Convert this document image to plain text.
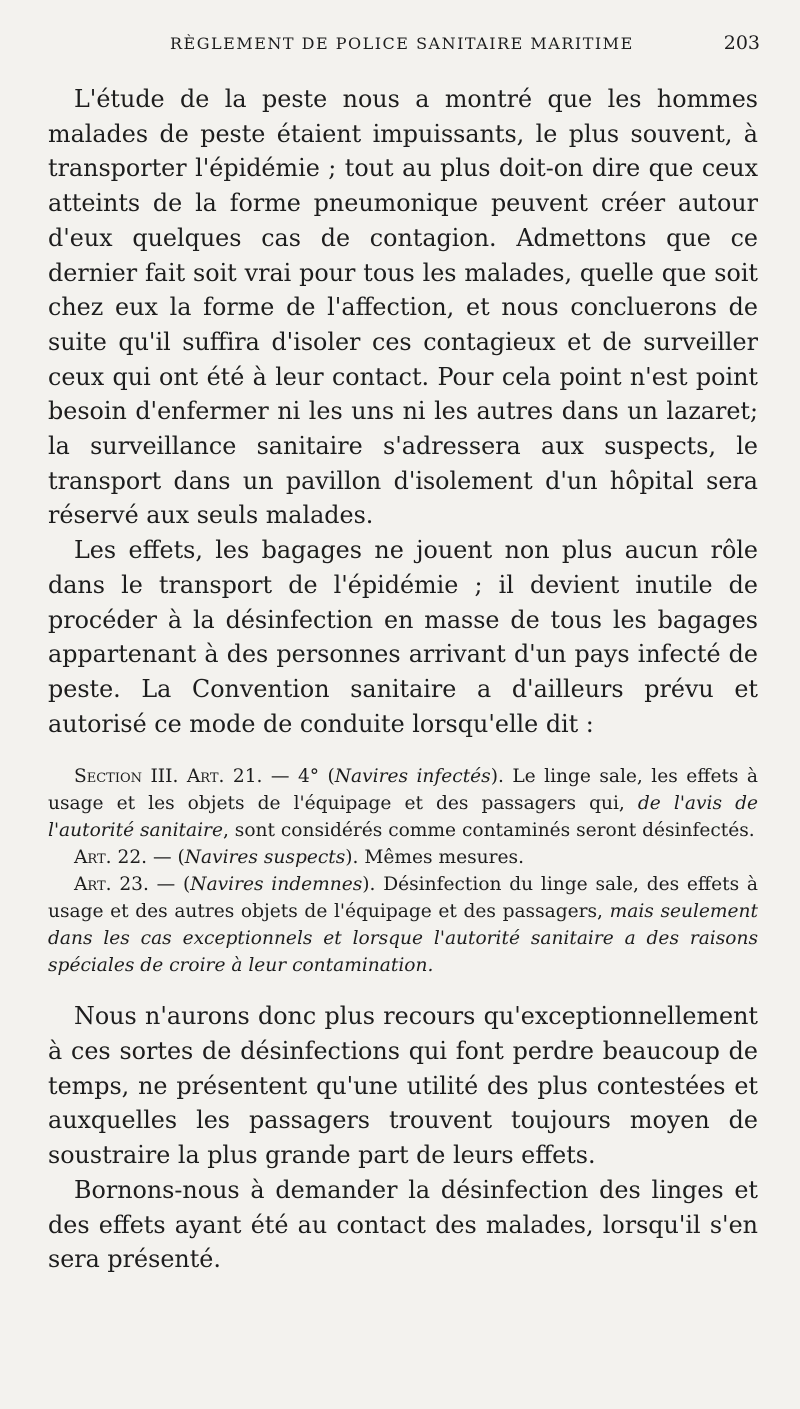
RÈGLEMENT DE POLICE SANITAIRE MARITIME	203

L'étude de la peste nous a montré que les hommes malades de peste étaient impuissants, le plus souvent, à transporter l'épidémie ; tout au plus doit-on dire que ceux atteints de la forme pneumonique peuvent créer autour d'eux quelques cas de contagion. Admettons que ce dernier fait soit vrai pour tous les malades, quelle que soit chez eux la forme de l'affection, et nous concluerons de suite qu'il suffira d'isoler ces contagieux et de surveiller ceux qui ont été à leur contact. Pour cela point n'est point besoin d'enfermer ni les uns ni les autres dans un lazaret; la surveillance sanitaire s'adressera aux suspects, le transport dans un pavillon d'isolement d'un hôpital sera réservé aux seuls malades.

Les effets, les bagages ne jouent non plus aucun rôle dans le transport de l'épidémie ; il devient inutile de procéder à la désinfection en masse de tous les bagages appartenant à des personnes arrivant d'un pays infecté de peste. La Convention sanitaire a d'ailleurs prévu et autorisé ce mode de conduite lorsqu'elle dit :

Section III. Art. 21. — 4° (Navires infectés). Le linge sale, les effets à usage et les objets de l'équipage et des passagers qui, de l'avis de l'autorité sanitaire, sont considérés comme contaminés seront désinfectés.

Art. 22. — (Navires suspects). Mêmes mesures.

Art. 23. — (Navires indemnes). Désinfection du linge sale, des effets à usage et des autres objets de l'équipage et des passagers, mais seulement dans les cas exceptionnels et lorsque l'autorité sanitaire a des raisons spéciales de croire à leur contamination.

Nous n'aurons donc plus recours qu'exceptionnellement à ces sortes de désinfections qui font perdre beaucoup de temps, ne présentent qu'une utilité des plus contestées et auxquelles les passagers trouvent toujours moyen de soustraire la plus grande part de leurs effets.

Bornons-nous à demander la désinfection des linges et des effets ayant été au contact des malades, lorsqu'il s'en sera présenté.
